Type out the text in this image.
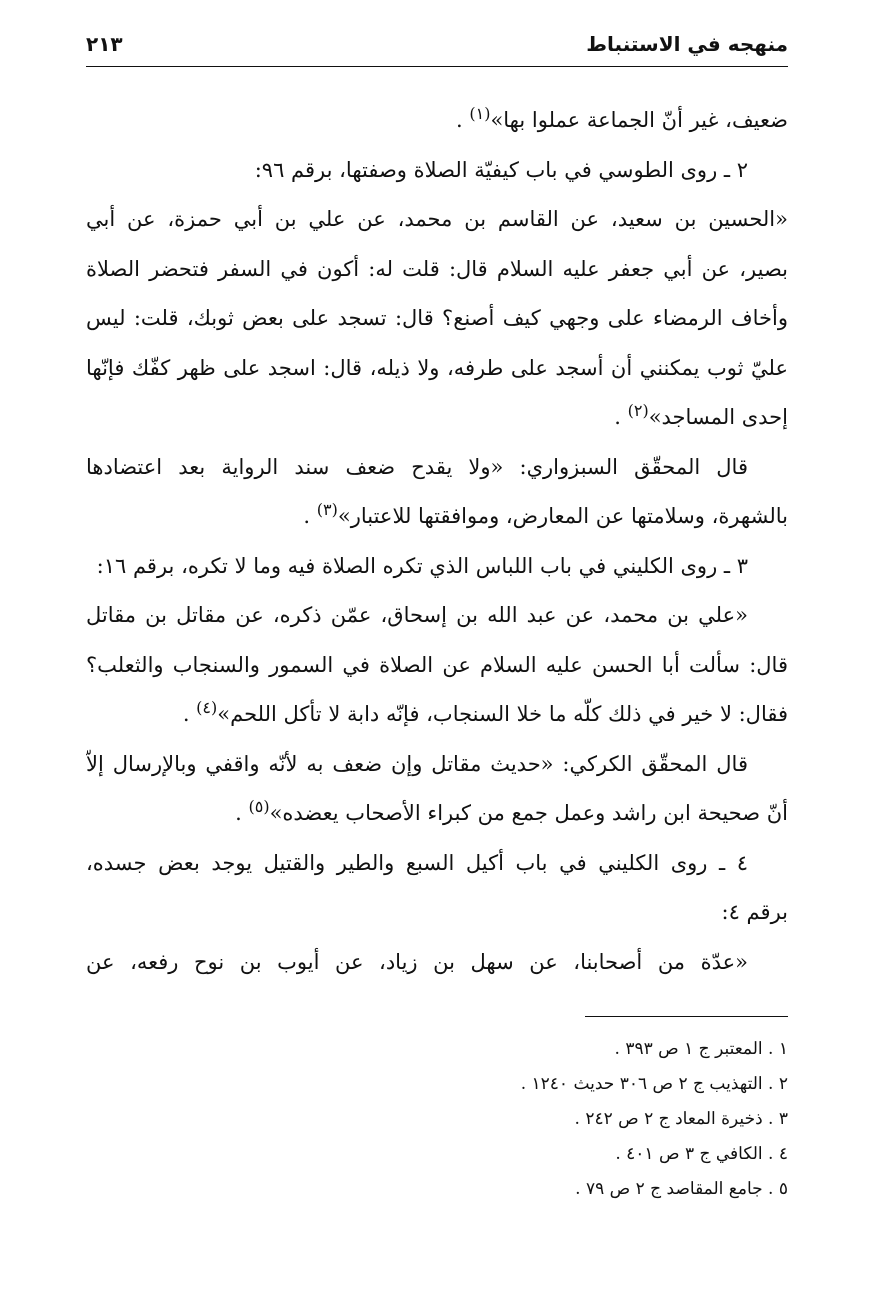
منهجه في الاستنباط
٢١٣
ضعيف، غير أنّ الجماعة عملوا بها»$^{(١)}$ .
٢ ـ روى الطوسي في باب كيفيّة الصلاة وصفتها، برقم ٩٦:
«الحسين بن سعيد، عن القاسم بن محمد، عن علي بن أبي حمزة، عن أبي
بصير، عن أبي جعفر عليه السلام قال: قلت له: أكون في السفر فتحضر الصلاة
وأخاف الرمضاء على وجهي كيف أصنع؟ قال: تسجد على بعض ثوبك، قلت: ليس
عليّ ثوب يمكنني أن أسجد على طرفه، ولا ذيله، قال: اسجد على ظهر كفّك فإنّها
إحدى المساجد»$^{(٢)}$ .
قال المحقّق السبزواري: «ولا يقدح ضعف سند الرواية بعد اعتضادها
بالشهرة، وسلامتها عن المعارض، وموافقتها للاعتبار»$^{(٣)}$ .
٣ ـ روى الكليني في باب اللباس الذي تكره الصلاة فيه وما لا تكره، برقم ١٦:
«علي بن محمد، عن عبد الله بن إسحاق، عمّن ذكره، عن مقاتل بن مقاتل
قال: سألت أبا الحسن عليه السلام عن الصلاة في السمور والسنجاب والثعلب؟
فقال: لا خير في ذلك كلّه ما خلا السنجاب، فإنّه دابة لا تأكل اللحم»$^{(٤)}$ .
قال المحقّق الكركي: «حديث مقاتل وإن ضعف به لأنّه واقفي وبالإرسال إلاّ
أنّ صحيحة ابن راشد وعمل جمع من كبراء الأصحاب يعضده»$^{(٥)}$ .
٤ ـ روى الكليني في باب أكيل السبع والطير والقتيل يوجد بعض جسده،
برقم ٤:
«عدّة من أصحابنا، عن سهل بن زياد، عن أيوب بن نوح رفعه، عن
١ . المعتبر ج ١ ص ٣٩٣ .
٢ . التهذيب ج ٢ ص ٣٠٦ حديث ١٢٤٠ .
٣ . ذخيرة المعاد ج ٢ ص ٢٤٢ .
٤ . الكافي ج ٣ ص ٤٠١ .
٥ . جامع المقاصد ج ٢ ص ٧٩ .
